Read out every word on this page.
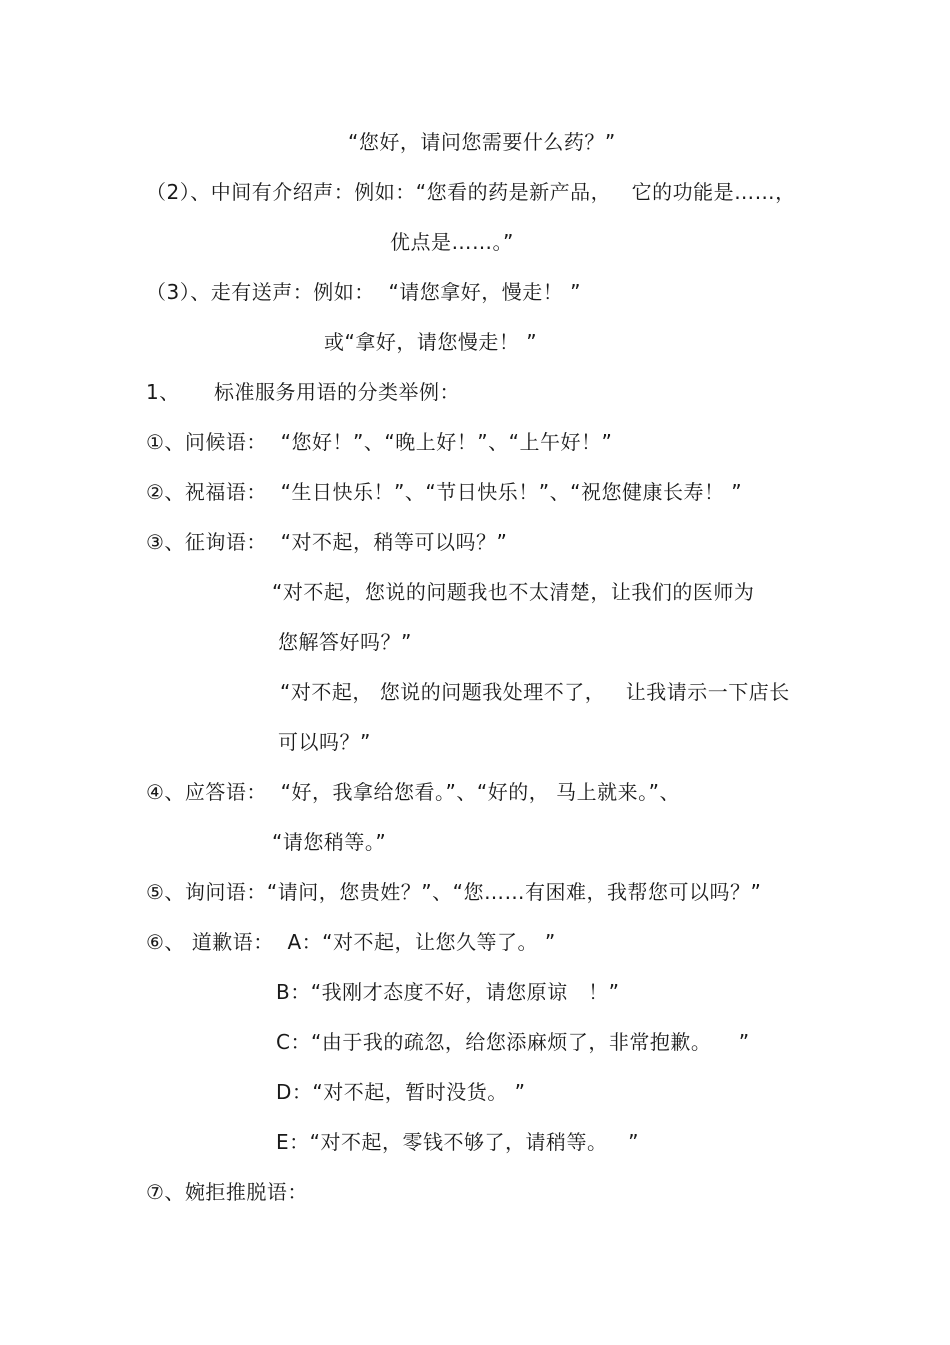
“您好，请问您需要什么药？”
（2）、中间有介绍声：例如：“您看的药是新产品，   它的功能是……，
优点是……。”
（3）、走有送声：例如：  “请您拿好，慢走！ ”
或“拿好，请您慢走！ ”
1、     标准服务用语的分类举例：
①、问候语：  “您好！”、“晚上好！”、“上午好！”
②、祝福语：  “生日快乐！”、“节日快乐！”、“祝您健康长寿！ ”
③、征询语：  “对不起，稍等可以吗？”
“对不起，您说的问题我也不太清楚，让我们的医师为
您解答好吗？”
“对不起， 您说的问题我处理不了，   让我请示一下店长
可以吗？”
④、应答语：  “好，我拿给您看。”、“好的， 马上就来。”、
“请您稍等。”
⑤、询问语：“请问，您贵姓？”、“您……有困难，我帮您可以吗？”
⑥、 道歉语：  A：“对不起，让您久等了。 ”
B：“我刚才态度不好，请您原谅   ！”
C：“由于我的疏忽，给您添麻烦了，非常抱歉。    ”
D：“对不起，暂时没货。 ”
E：“对不起，零钱不够了，请稍等。   ”
⑦、婉拒推脱语：
